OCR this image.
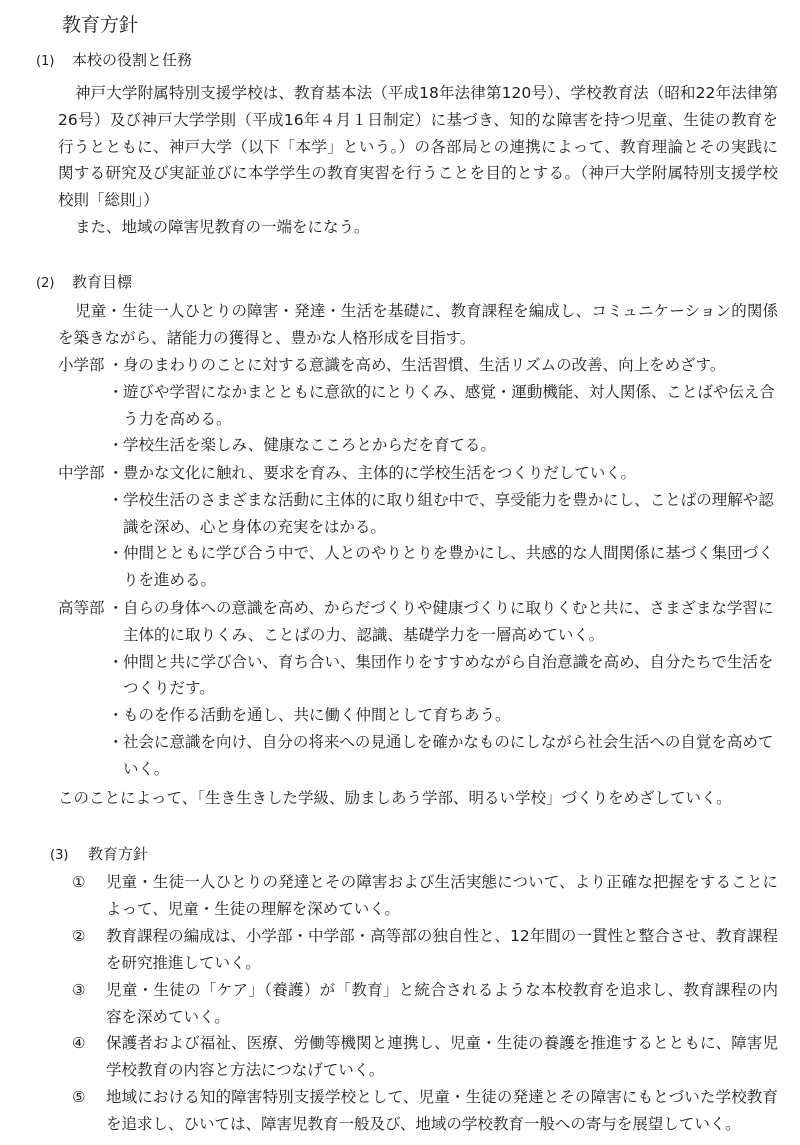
教育方針
(1) 本校の役割と任務
神戸大学附属特別支援学校は、教育基本法（平成18年法律第120号）、学校教育法（昭和22年法律第26号）及び神戸大学学則（平成16年４月１日制定）に基づき、知的な障害を持つ児童、生徒の教育を行うとともに、神戸大学（以下「本学」という。）の各部局との連携によって、教育理論とその実践に関する研究及び実証並びに本学学生の教育実習を行うことを目的とする。（神戸大学附属特別支援学校校則「総則」）
また、地域の障害児教育の一端をになう。
(2) 教育目標
児童・生徒一人ひとりの障害・発達・生活を基礎に、教育課程を編成し、コミュニケーション的関係を築きながら、諸能力の獲得と、豊かな人格形成を目指す。
小学部 ・ 身のまわりのことに対する意識を高め、生活習慣、生活リズムの改善、向上をめざす。
・ 遊びや学習になかまとともに意欲的にとりくみ、感覚・運動機能、対人関係、ことばや伝え合う力を高める。
・ 学校生活を楽しみ、健康なこころとからだを育てる。
中学部 ・ 豊かな文化に触れ、要求を育み、主体的に学校生活をつくりだしていく。
・ 学校生活のさまざまな活動に主体的に取り組む中で、享受能力を豊かにし、ことばの理解や認識を深め、心と身体の充実をはかる。
・ 仲間とともに学び合う中で、人とのやりとりを豊かにし、共感的な人間関係に基づく集団づくりを進める。
高等部 ・ 自らの身体への意識を高め、からだづくりや健康づくりに取りくむと共に、さまざまな学習に主体的に取りくみ、ことばの力、認識、基礎学力を一層高めていく。
・ 仲間と共に学び合い、育ち合い、集団作りをすすめながら自治意識を高め、自分たちで生活をつくりだす。
・ ものを作る活動を通し、共に働く仲間として育ちあう。
・ 社会に意識を向け、自分の将来への見通しを確かなものにしながら社会生活への自覚を高めていく。
このことによって、「生き生きした学級、励ましあう学部、明るい学校」づくりをめざしていく。
(3) 教育方針
①	児童・生徒一人ひとりの発達とその障害および生活実態について、より正確な把握をすることによって、児童・生徒の理解を深めていく。
②	教育課程の編成は、小学部・中学部・高等部の独自性と、12年間の一貫性と整合させ、教育課程を研究推進していく。
③	児童・生徒の「ケア」（養護）が「教育」と統合されるような本校教育を追求し、教育課程の内容を深めていく。
④	保護者および福祉、医療、労働等機関と連携し、児童・生徒の養護を推進するとともに、障害児学校教育の内容と方法につなげていく。
⑤	地域における知的障害特別支援学校として、児童・生徒の発達とその障害にもとづいた学校教育を追求し、ひいては、障害児教育一般及び、地域の学校教育一般への寄与を展望していく。
